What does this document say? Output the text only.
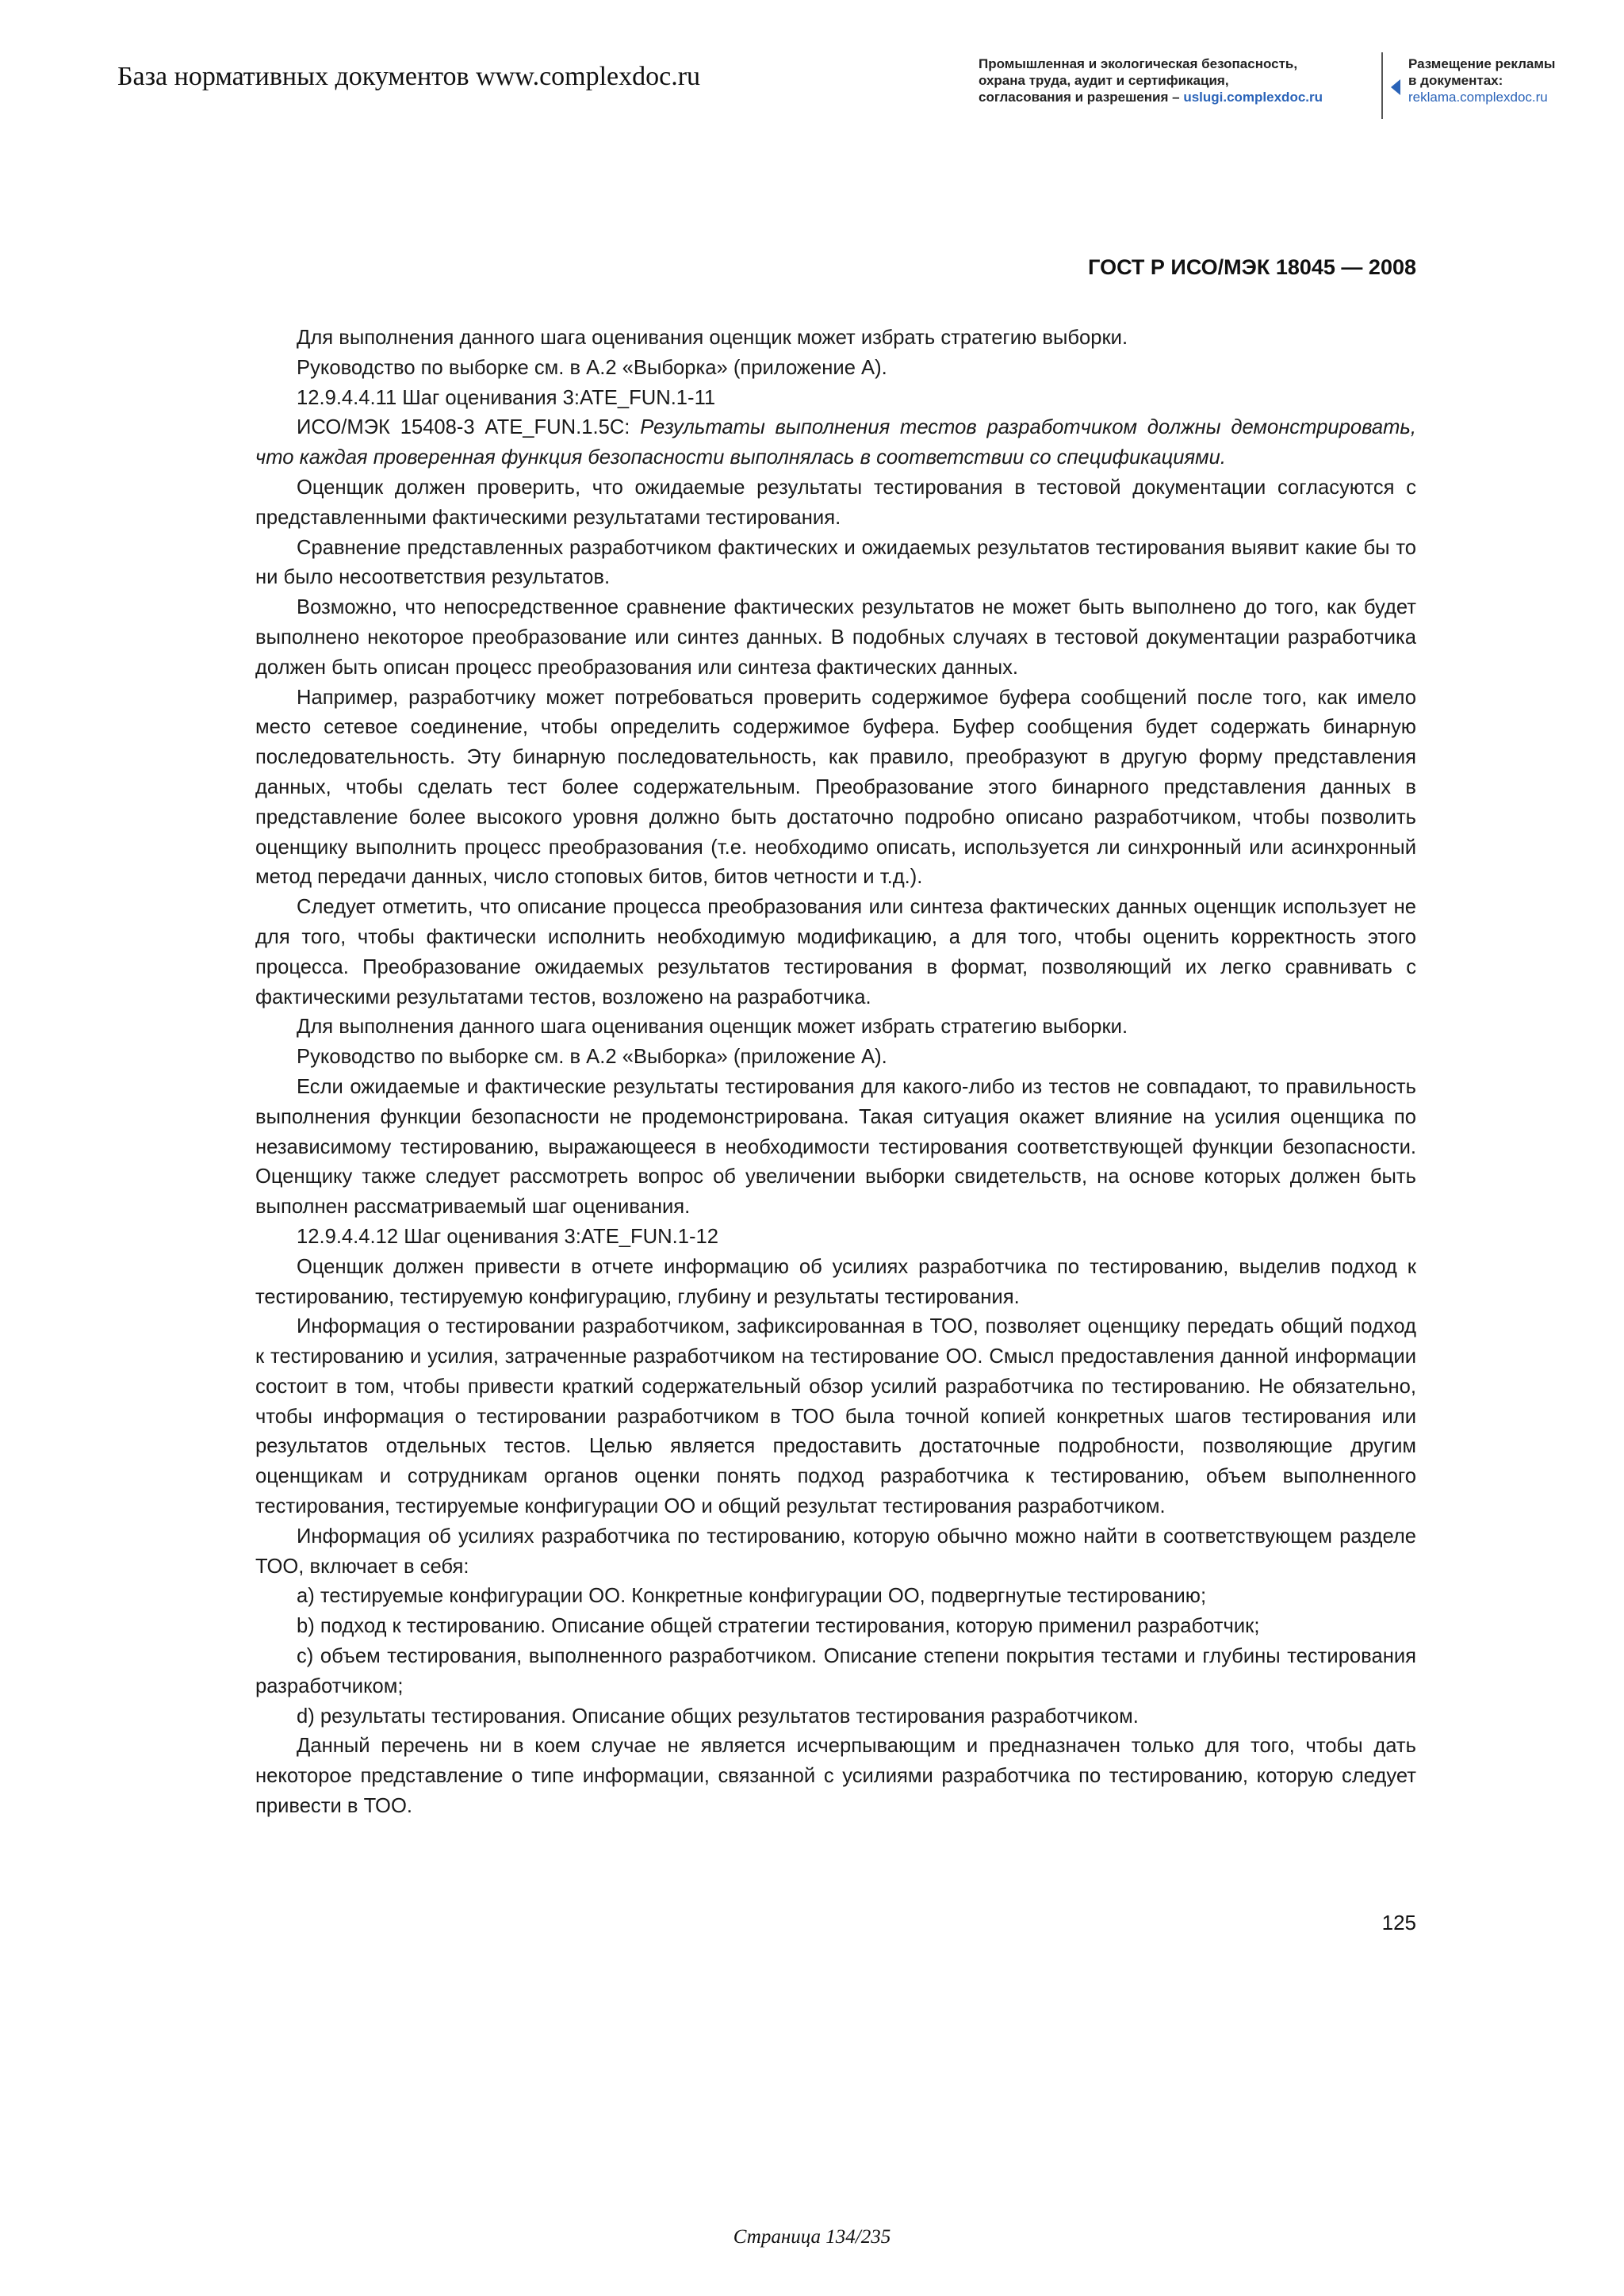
База нормативных документов www.complexdoc.ru	Промышленная и экологическая безопасность,
охрана труда, аудит и сертификация,
согласования и разрешения – uslugi.complexdoc.ru
Размещение рекламы
в документах:
reklama.complexdoc.ru
ГОСТ Р ИСО/МЭК 18045 — 2008

Для выполнения данного шага оценивания оценщик может избрать стратегию выборки.

Руководство по выборке см. в А.2 «Выборка» (приложение А).

12.9.4.4.11 Шаг оценивания 3:ATE_FUN.1-11

ИСО/МЭК 15408-3 ATE_FUN.1.5С: Результаты выполнения тестов разработчиком должны демонстрировать, что каждая проверенная функция безопасности выполнялась в соответствии со спецификациями.

Оценщик должен проверить, что ожидаемые результаты тестирования в тестовой документации согласуются с представленными фактическими результатами тестирования.

Сравнение представленных разработчиком фактических и ожидаемых результатов тестирования выявит какие бы то ни было несоответствия результатов.

Возможно, что непосредственное сравнение фактических результатов не может быть выполнено до того, как будет выполнено некоторое преобразование или синтез данных. В подобных случаях в тестовой документации разработчика должен быть описан процесс преобразования или синтеза фактических данных.

Например, разработчику может потребоваться проверить содержимое буфера сообщений после того, как имело место сетевое соединение, чтобы определить содержимое буфера. Буфер сообщения будет содержать бинарную последовательность. Эту бинарную последовательность, как правило, преобразуют в другую форму представления данных, чтобы сделать тест более содержательным. Преобразование этого бинарного представления данных в представление более высокого уровня должно быть достаточно подробно описано разработчиком, чтобы позволить оценщику выполнить процесс преобразования (т.е. необходимо описать, используется ли синхронный или асинхронный метод передачи данных, число стоповых битов, битов четности и т.д.).

Следует отметить, что описание процесса преобразования или синтеза фактических данных оценщик использует не для того, чтобы фактически исполнить необходимую модификацию, а для того, чтобы оценить корректность этого процесса. Преобразование ожидаемых результатов тестирования в формат, позволяющий их легко сравнивать с фактическими результатами тестов, возложено на разработчика.

Для выполнения данного шага оценивания оценщик может избрать стратегию выборки.

Руководство по выборке см. в А.2 «Выборка» (приложение А).

Если ожидаемые и фактические результаты тестирования для какого-либо из тестов не совпадают, то правильность выполнения функции безопасности не продемонстрирована. Такая ситуация окажет влияние на усилия оценщика по независимому тестированию, выражающееся в необходимости тестирования соответствующей функции безопасности. Оценщику также следует рассмотреть вопрос об увеличении выборки свидетельств, на основе которых должен быть выполнен рассматриваемый шаг оценивания.

12.9.4.4.12 Шаг оценивания 3:ATE_FUN.1-12

Оценщик должен привести в отчете информацию об усилиях разработчика по тестированию, выделив подход к тестированию, тестируемую конфигурацию, глубину и результаты тестирования.

Информация о тестировании разработчиком, зафиксированная в ТОО, позволяет оценщику передать общий подход к тестированию и усилия, затраченные разработчиком на тестирование ОО. Смысл предоставления данной информации состоит в том, чтобы привести краткий содержательный обзор усилий разработчика по тестированию. Не обязательно, чтобы информация о тестировании разработчиком в ТОО была точной копией конкретных шагов тестирования или результатов отдельных тестов. Целью является предоставить достаточные подробности, позволяющие другим оценщикам и сотрудникам органов оценки понять подход разработчика к тестированию, объем выполненного тестирования, тестируемые конфигурации ОО и общий результат тестирования разработчиком.

Информация об усилиях разработчика по тестированию, которую обычно можно найти в соответствующем разделе ТОО, включает в себя:

а) тестируемые конфигурации ОО. Конкретные конфигурации ОО, подвергнутые тестированию;

b) подход к тестированию. Описание общей стратегии тестирования, которую применил разработчик;

с) объем тестирования, выполненного разработчиком. Описание степени покрытия тестами и глубины тестирования разработчиком;

d) результаты тестирования. Описание общих результатов тестирования разработчиком.

Данный перечень ни в коем случае не является исчерпывающим и предназначен только для того, чтобы дать некоторое представление о типе информации, связанной с усилиями разработчика по тестированию, которую следует привести в ТОО.

125
Страница 134/235
